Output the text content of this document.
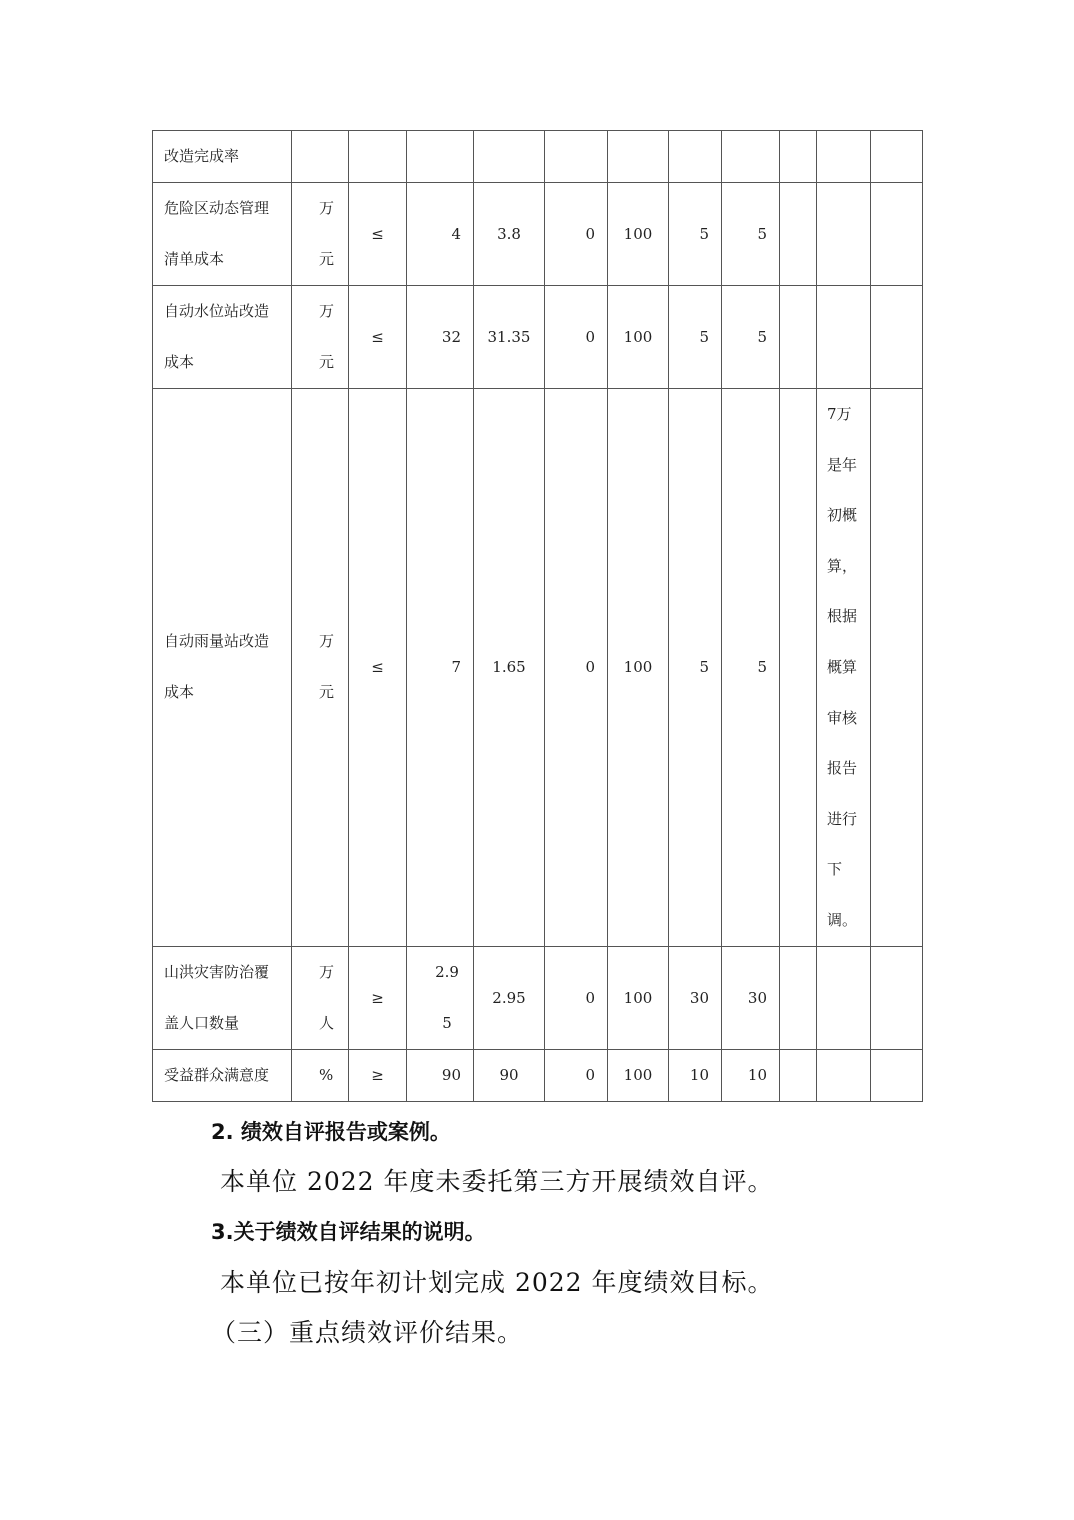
改造完成率											
危险区动态管理清单成本	万元	≤	4	3.8	0	100	5	5			
自动水位站改造成本	万元	≤	32	31.35	0	100	5	5			
自动雨量站改造成本	万元	≤	7	1.65	0	100	5	5		7万是年初概算，根据概算审核报告进行下调。	
山洪灾害防治覆盖人口数量	万人	≥	2.95	2.95	0	100	30	30			
受益群众满意度	%	≥	90	90	0	100	10	10			
2. 绩效自评报告或案例。
本单位 2022 年度未委托第三方开展绩效自评。
3.关于绩效自评结果的说明。
本单位已按年初计划完成 2022 年度绩效目标。
（三）重点绩效评价结果。
